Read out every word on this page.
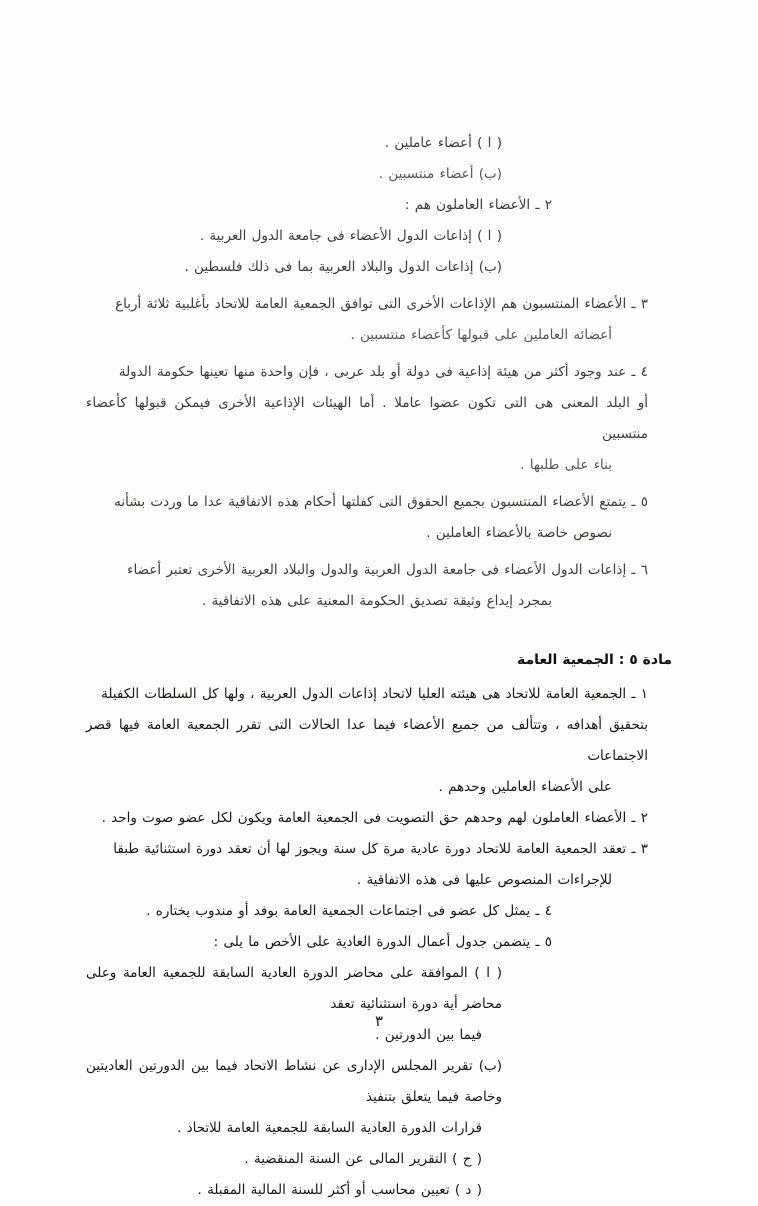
( ا ) أعضاء عاملين .

(ب) أعضاء منتسبين .

٢ ـ الأعضاء العاملون هم :

( ا ) إذاعات الدول الأعضاء فى جامعة الدول العربية .

(ب) إذاعات الدول والبلاد العربية بما فى ذلك فلسطين .

٣ ـ الأعضاء المنتسبون هم الإذاعات الأخرى التى توافق الجمعية العامة للاتحاد بأغلبية ثلاثة أرباع

أعضائه العاملين على قبولها كأعضاء منتسبين .

٤ ـ عند وجود أكثر من هيئة إذاعية فى دولة أو بلد عربى ، فإن واحدة منها تعينها حكومة الدولة

أو البلد المعنى هى التى تكون عضوا عاملا . أما الهيئات الإذاعية الأخرى فيمكن قبولها كأعضاء منتسبين

بناء على طلبها .

٥ ـ يتمتع الأعضاء المنتسبون بجميع الحقوق التى كفلتها أحكام هذه الاتفاقية عدا ما وردت بشأنه

نصوص خاصة بالأعضاء العاملين .

٦ ـ إذاعات الدول الأعضاء فى جامعة الدول العربية والدول والبلاد العربية الأخرى تعتبر أعضاء

بمجرد إيداع وثيقة تصديق الحكومة المعنية على هذه الاتفاقية .

مادة ٥ : الجمعية العامة

١ ـ الجمعية العامة للاتحاد هى هيئته العليا لاتحاد إذاعات الدول العربية ، ولها كل السلطات الكفيلة

بتحقيق أهدافه ، وتتألف من جميع الأعضاء فيما عدا الحالات التى تقرر الجمعية العامة فيها قصر الاجتماعات

على الأعضاء العاملين وحدهم .

٢ ـ الأعضاء العاملون لهم وحدهم حق التصويت فى الجمعية العامة ويكون لكل عضو صوت واحد .

٣ ـ تعقد الجمعية العامة للاتحاد دورة عادية مرة كل سنة ويجوز لها أن تعقد دورة استثنائية طبقا

للإجراءات المنصوص عليها فى هذه الاتفاقية .

٤ ـ يمثل كل عضو فى اجتماعات الجمعية العامة بوفد أو مندوب يختاره .

٥ ـ يتضمن جدول أعمال الدورة العادية على الأخص ما يلى :

( ا ) الموافقة على محاضر الدورة العادية السابقة للجمعية العامة وعلى محاضر أية دورة استثنائية تعقد

فيما بين الدورتين .

(ب) تقرير المجلس الإدارى عن نشاط الاتحاد فيما بين الدورتين العاديتين وخاصة فيما يتعلق بتنفيذ

قرارات الدورة العادية السابقة للجمعية العامة للاتحاد .

( ح ) التقرير المالى عن السنة المنقضية .

( د ) تعيين محاسب أو أكثر للسنة المالية المقبلة .

٣
